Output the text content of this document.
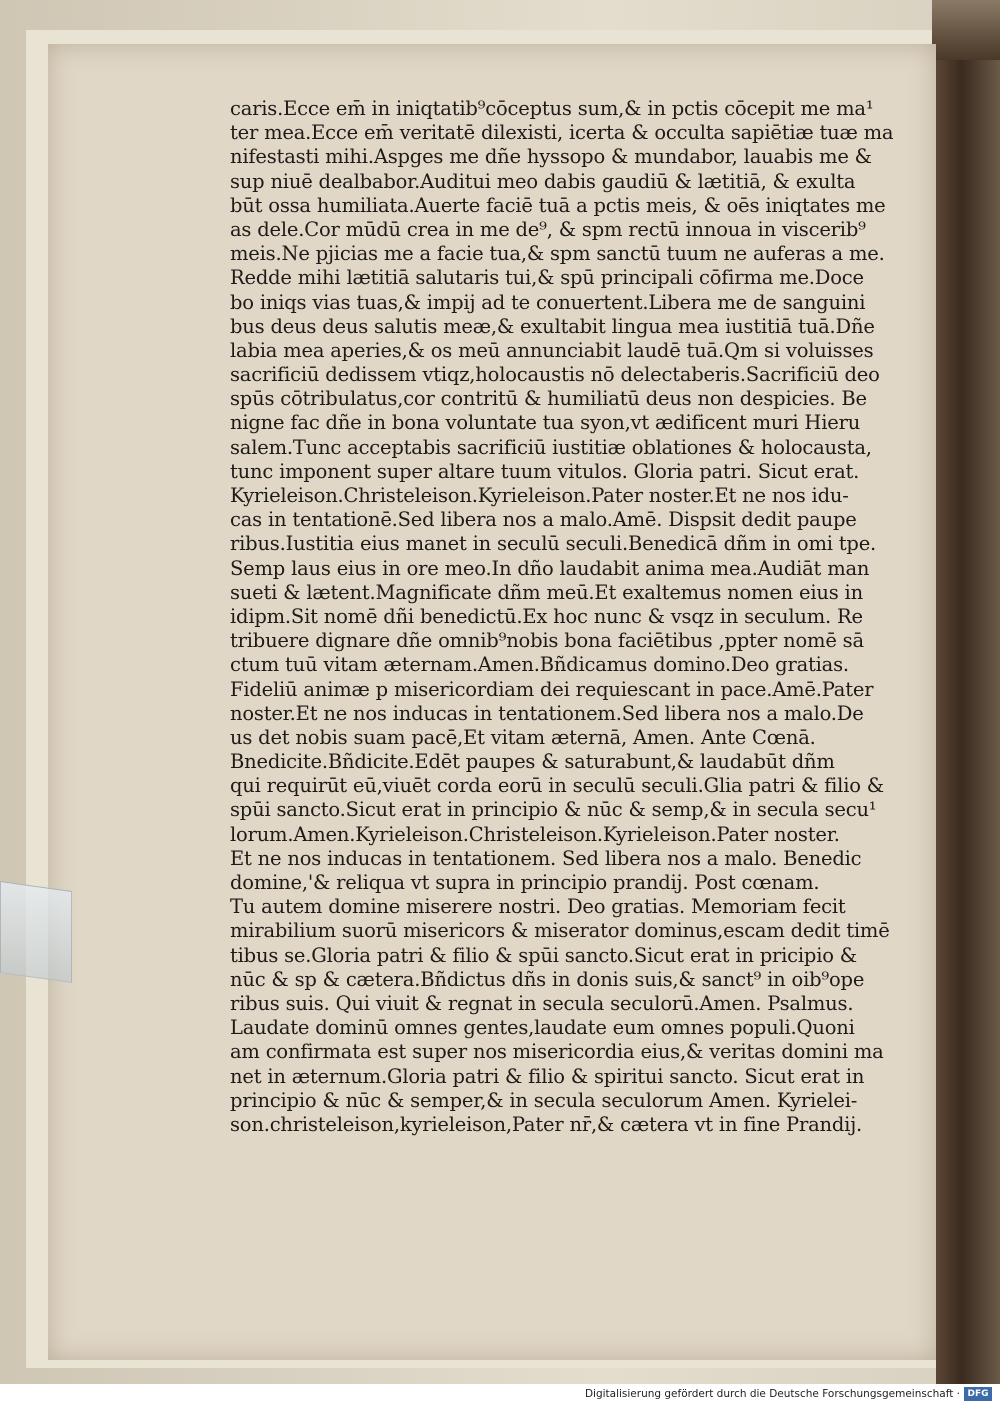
caris.Ecce em̄ in iniqtatib⁹cōceptus sum,& in pctis cōcepit me ma¹
ter mea.Ecce em̄ veritatē dilexisti, icerta & occulta sapiētiæ tuæ ma
nifestasti mihi.Aspges me dñe hyssopo & mundabor, lauabis me &
sup niuē dealbabor.Auditui meo dabis gaudiū & lætitiā, & exulta
būt ossa humiliata.Auerte faciē tuā a pctis meis, & oēs iniqtates me
as dele.Cor mūdū crea in me de⁹, & spm rectū innoua in viscerib⁹
meis.Ne pjicias me a facie tua,& spm sanctū tuum ne auferas a me.
Redde mihi lætitiā salutaris tui,& spū principali cōfirma me.Doce
bo iniqs vias tuas,& impij ad te conuertent.Libera me de sanguini
bus deus deus salutis meæ,& exultabit lingua mea iustitiā tuā.Dñe
labia mea aperies,& os meū annunciabit laudē tuā.Qm si voluisses
sacrificiū dedissem vtiqz,holocaustis nō delectaberis.Sacrificiū deo
spūs cōtribulatus,cor contritū & humiliatū deus non despicies. Be
nigne fac dñe in bona voluntate tua syon,vt ædificent muri Hieru
salem.Tunc acceptabis sacrificiū iustitiæ oblationes & holocausta,
tunc imponent super altare tuum vitulos. Gloria patri. Sicut erat.
Kyrieleison.Christeleison.Kyrieleison.Pater noster.Et ne nos idu-
cas in tentationē.Sed libera nos a malo.Amē. Dispsit dedit paupe
ribus.Iustitia eius manet in seculū seculi.Benedicā dñm in omi tpe.
Semp laus eius in ore meo.In dño laudabit anima mea.Audiāt man
sueti & lætent.Magnificate dñm meū.Et exaltemus nomen eius in
idipm.Sit nomē dñi benedictū.Ex hoc nunc & vsqz in seculum. Re
tribuere dignare dñe omnib⁹nobis bona faciētibus ,ppter nomē sā
ctum tuū vitam æternam.Amen.Bñdicamus domino.Deo gratias.
Fideliū animæ p misericordiam dei requiescant in pace.Amē.Pater
noster.Et ne nos inducas in tentationem.Sed libera nos a malo.De
us det nobis suam pacē,Et vitam æternā, Amen. Ante Cœnā.
Bnedicite.Bñdicite.Edēt paupes & saturabunt,& laudabūt dñm
qui requirūt eū,viuēt corda eorū in seculū seculi.Glia patri & filio &
spūi sancto.Sicut erat in principio & nūc & semp,& in secula secu¹
lorum.Amen.Kyrieleison.Christeleison.Kyrieleison.Pater noster.
Et ne nos inducas in tentationem. Sed libera nos a malo. Benedic
domine,'& reliqua vt supra in principio prandij. Post cœnam.
Tu autem domine miserere nostri. Deo gratias. Memoriam fecit
mirabilium suorū misericors & miserator dominus,escam dedit timē
tibus se.Gloria patri & filio & spūi sancto.Sicut erat in pricipio &
nūc & sp & cætera.Bñdictus dñs in donis suis,& sanct⁹ in oib⁹ope
ribus suis. Qui viuit & regnat in secula seculorū.Amen. Psalmus.
Laudate dominū omnes gentes,laudate eum omnes populi.Quoni
am confirmata est super nos misericordia eius,& veritas domini ma
net in æternum.Gloria patri & filio & spiritui sancto. Sicut erat in
principio & nūc & semper,& in secula seculorum Amen. Kyrielei-
son.christeleison,kyrieleison,Pater nr̄,& cætera vt in fine Prandij.
Digitalisierung gefördert durch die Deutsche Forschungsgemeinschaft · DFG
